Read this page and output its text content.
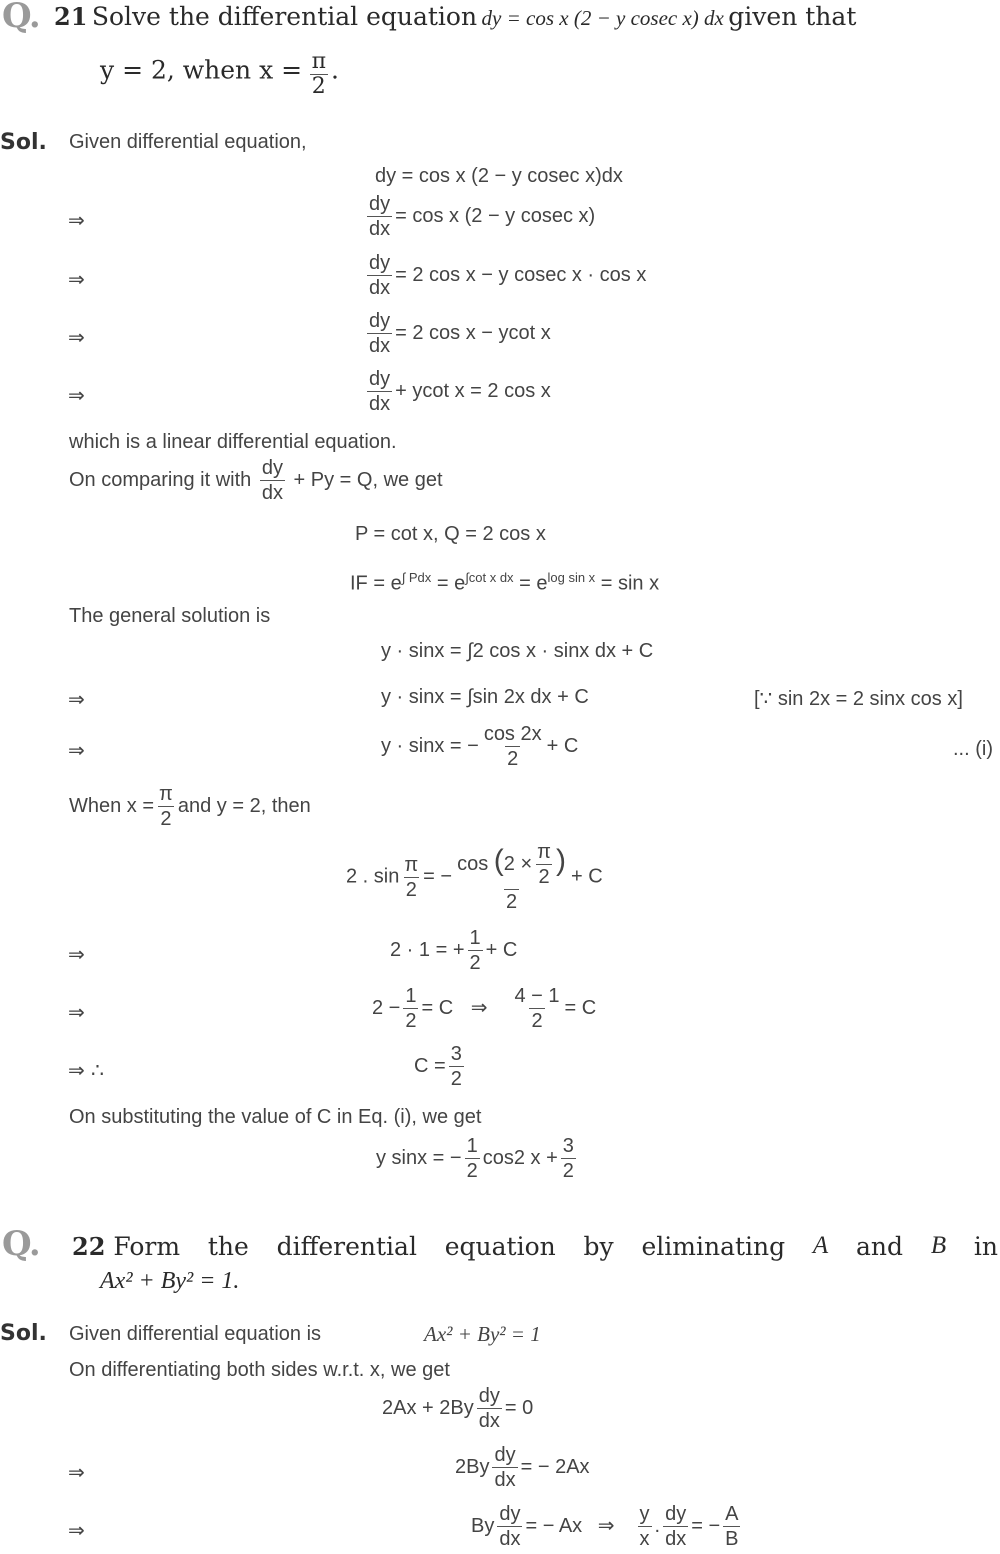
Q. 21 Solve the differential equation dy = cos x (2 − y cosec x) dx given that
y = 2, when $x = \frac{\pi}{2}$ .
Sol. Given differential equation,
dy = cos x (2 − y cosec x)dx
⇒	$\frac{dy}{dx} = \cos x$ (2 − y cosec x)
⇒	$\frac{dy}{dx} = 2$ cos x − y cosec x · cos x
⇒	$\frac{dy}{dx} = 2$ cos x − ycot x
⇒	$\frac{dy}{dx} + ycot$ x = 2 cos x
which is a linear differential equation.
On comparing it with $\frac{dy}{dx} + Py = Q$, we get
P = cot x, Q = 2 cos x
IF = $e^{\int Pdx} = e^{\int cot x dx} = e^{log sin x} = \sin x$
The general solution is
y · sinx = ∫2 cos x · sinx dx + C
⇒	y · sinx = ∫sin 2x dx + C	[∵ sin 2x = 2 sinx cos x]
⇒	y · sinx = − $\frac{\cos 2x}{2} + C$	... (i)
When $x = \frac{\pi}{2}$ and y = 2, then
2 . $\sin \frac{\pi}{2}$ = − $\frac{\cos (2 \times \frac{\pi}{2} )}{2} + C$
⇒	2 · 1 = + $\frac{1}{2} + C$
⇒	$2 - \frac{1}{2} = C$ ⇒ $\frac{4 - 1}{2} = C$
⇒ ∴	$C = \frac{3}{2}$
On substituting the value of C in Eq. (i), we get
y sinx = − $\frac{1}{2} \cos 2$ $x + \frac{3}{2}$
Q. 22 Form the differential equation by eliminating A and B in
Ax² + By² = 1.
Sol. Given differential equation is	Ax² + By² = 1
On differentiating both sides w.r.t. x, we get
$2Ax + 2By \frac{dy}{dx} = 0$
⇒	$2By \frac{dy}{dx}$ = − 2Ax
⇒	By $\frac{dy}{dx}$ = − Ax ⇒ $\frac{y}{x}$ . $\frac{dy}{dx}$ = − $\frac{A}{B}$
